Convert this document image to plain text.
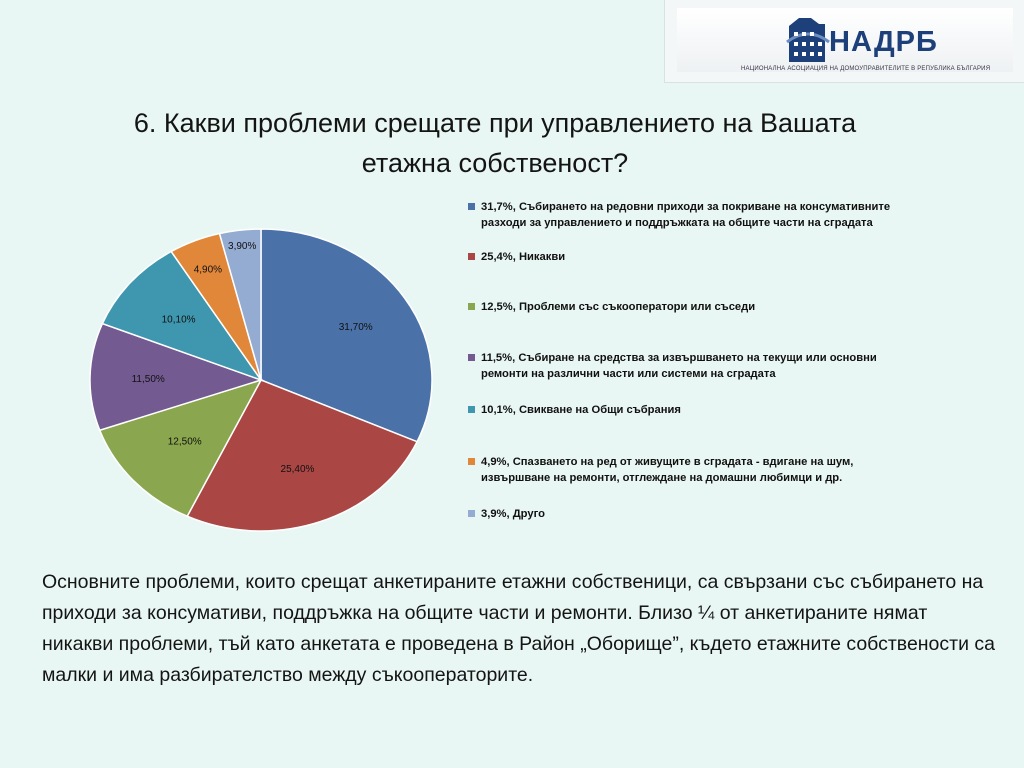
НАДРБ
НАЦИОНАЛНА АСОЦИАЦИЯ НА ДОМОУПРАВИТЕЛИТЕ В РЕПУБЛИКА БЪЛГАРИЯ
6. Какви проблеми срещате при управлението на Вашата
етажна собственост?
31,70%
25,40%
12,50%
11,50%
10,10%
4,90%
3,90%
31,7%, Събирането на редовни приходи за покриване на консумативните разходи за управлението и поддръжката на общите части на сградата
25,4%, Никакви
12,5%, Проблеми със съкооператори или съседи
11,5%, Събиране на средства за извършването на текущи или основни ремонти на различни части или системи на сградата
10,1%, Свикване на Общи събрания
4,9%, Спазването на ред от живущите в сградата - вдигане на шум, извършване на ремонти, отглеждане на домашни любимци и др.
3,9%, Друго
Основните проблеми, които срещат анкетираните етажни собственици, са свързани със събирането на приходи за консумативи, поддръжка на общите части и ремонти. Близо ¼ от анкетираните нямат никакви проблеми, тъй като анкетата е проведена в Район „Оборище”, където етажните собствености са малки и има разбирателство между съкооператорите.
